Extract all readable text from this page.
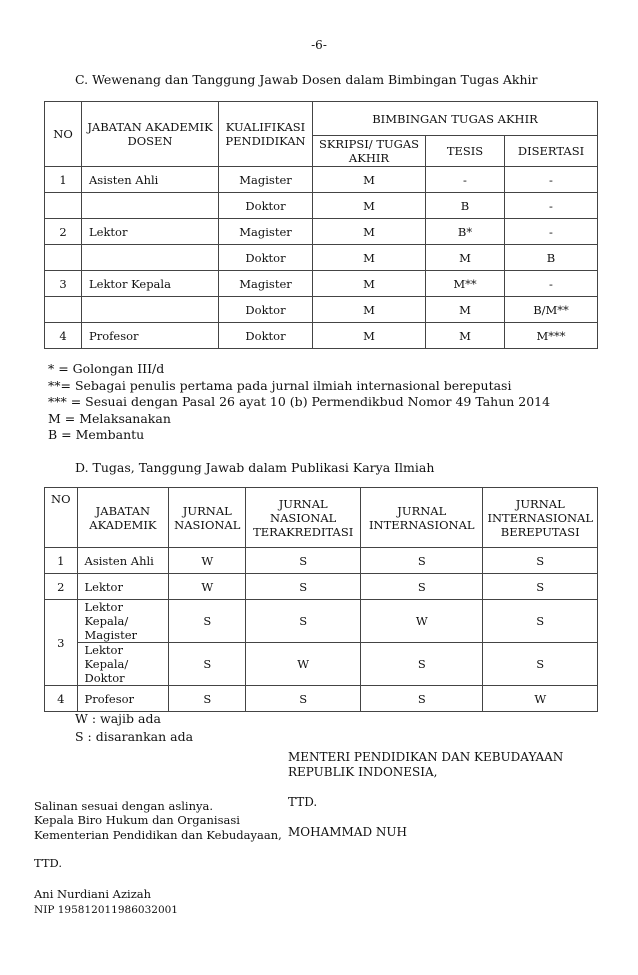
-6-
C. Wewenang dan Tanggung Jawab Dosen dalam Bimbingan Tugas Akhir
NO	JABATAN AKADEMIK DOSEN	KUALIFIKASI PENDIDIKAN	BIMBINGAN TUGAS AKHIR		
			SKRIPSI/ TUGAS AKHIR	TESIS	DISERTASI
1	Asisten Ahli	Magister	M	-	-
		Doktor	M	B	-
2	Lektor	Magister	M	B*	-
		Doktor	M	M	B
3	Lektor Kepala	Magister	M	M**	-
		Doktor	M	M	B/M**
4	Profesor	Doktor	M	M	M***
* = Golongan III/d
**= Sebagai penulis pertama pada jurnal ilmiah internasional bereputasi
*** = Sesuai dengan Pasal 26 ayat 10 (b) Permendikbud Nomor 49 Tahun 2014
M = Melaksanakan
B = Membantu
D. Tugas, Tanggung Jawab dalam Publikasi Karya Ilmiah
NO	JABATAN AKADEMIK	JURNAL NASIONAL	JURNAL NASIONAL TERAKREDITASI	JURNAL INTERNASIONAL	JURNAL INTERNASIONAL BEREPUTASI
1	Asisten Ahli	W	S	S	S
2	Lektor	W	S	S	S
3	Lektor Kepala/ Magister	S	S	W	S
	Lektor Kepala/ Doktor	S	W	S	S
4	Profesor	S	S	S	W
W : wajib ada
S : disarankan ada
MENTERI PENDIDIKAN DAN KEBUDAYAAN
REPUBLIK INDONESIA,
TTD.
MOHAMMAD NUH
Salinan sesuai dengan aslinya.
Kepala Biro Hukum dan Organisasi
Kementerian Pendidikan dan Kebudayaan,
TTD.
Ani Nurdiani Azizah
NIP 195812011986032001
